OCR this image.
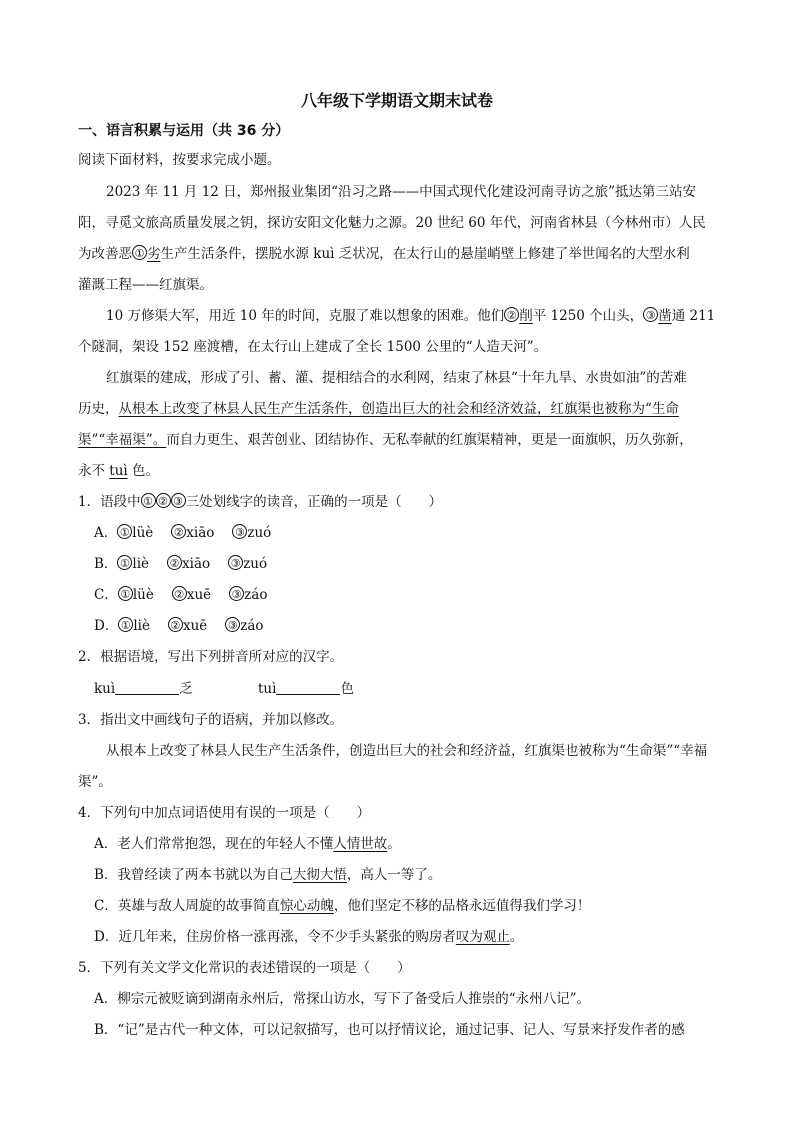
八年级下学期语文期末试卷
一、语言积累与运用（共 36 分）
阅读下面材料，按要求完成小题。
2023 年 11 月 12 日，郑州报业集团“沿习之路——中国式现代化建设河南寻访之旅”抵达第三站安
阳，寻觅文旅高质量发展之钥，探访安阳文化魅力之源。20 世纪 60 年代，河南省林县（今林州市）人民
为改善恶 ① 劣生产生活条件，摆脱水源 kuì 乏状况，在太行山的悬崖峭壁上修建了举世闻名的大型水利
灌溉工程——红旗渠。
10 万修渠大军，用近 10 年的时间，克服了难以想象的困难。他们 ② 削平 1250 个山头， ③ 凿通 211
个隧洞，架设 152 座渡槽，在太行山上建成了全长 1500 公里的“人造天河”。
红旗渠的建成，形成了引、蓄、灌、提相结合的水利网，结束了林县“十年九旱、水贵如油”的苦难
历史，从根本上改变了林县人民生产生活条件，创造出巨大的社会和经济效益，红旗渠也被称为“生命
渠”“幸福渠”。而自力更生、艰苦创业、团结协作、无私奉献的红旗渠精神，更是一面旗帜，历久弥新，
永不 tuì 色。
1．语段中 ① ② ③ 三处划线字的读音，正确的一项是（　　）
A． ① lüè ② xiāo ③ zuó
B． ① liè ② xiāo ③ zuó
C． ① lüè ② xuē ③ záo
D． ① liè ② xuē ③ záo
2．根据语境，写出下列拼音所对应的汉字。
kuì	乏	tuì	色
3．指出文中画线句子的语病，并加以修改。
从根本上改变了林县人民生产生活条件，创造出巨大的社会和经济益，红旗渠也被称为“生命渠”“幸福
渠”。
4．下列句中加点词语使用有误的一项是（　　）
A．老人们常常抱怨，现在的年轻人不懂人情世故。
B．我曾经读了两本书就以为自己大彻大悟，高人一等了。
C．英雄与敌人周旋的故事简直惊心动魄，他们坚定不移的品格永远值得我们学习！
D．近几年来，住房价格一涨再涨，令不少手头紧张的购房者叹为观止。
5．下列有关文学文化常识的表述错误的一项是（　　）
A．柳宗元被贬谪到湖南永州后，常探山访水，写下了备受后人推崇的“永州八记”。
B．“记”是古代一种文体，可以记叙描写，也可以抒情议论，通过记事、记人、写景来抒发作者的感
